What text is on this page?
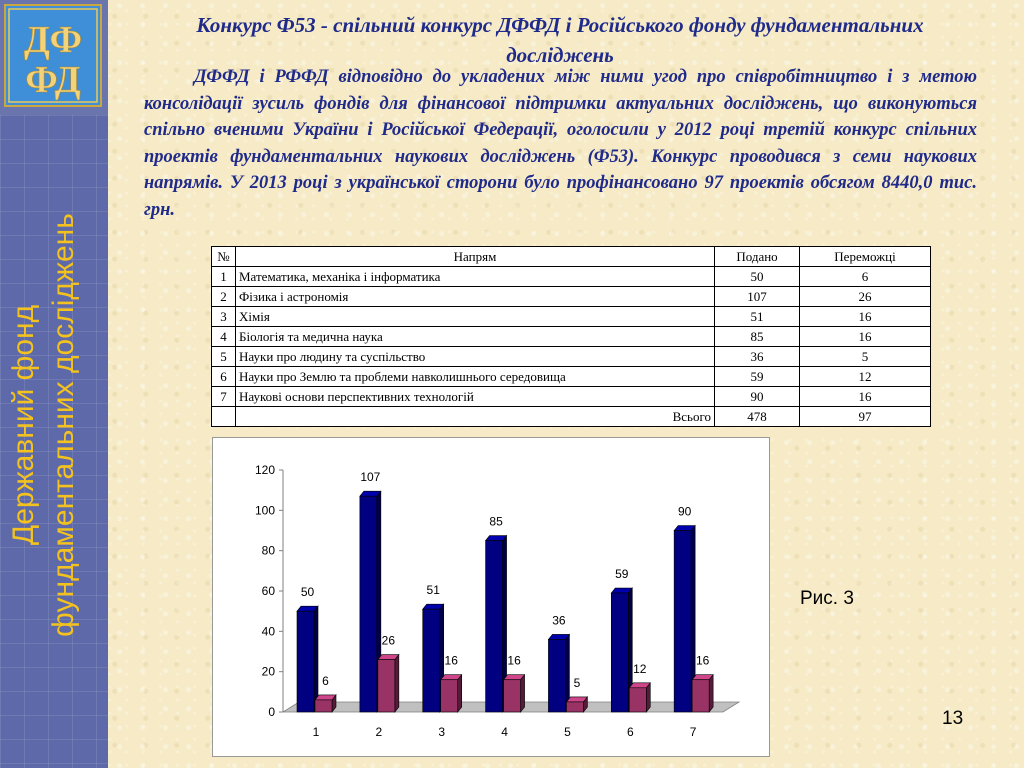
ДФ
ФД
Державний фонд фундаментальних досліджень
Конкурс Ф53 - спільний конкурс ДФФД і Російського фонду фундаментальних досліджень
ДФФД і РФФД відповідно до укладених між ними угод про співробітництво і з метою консолідації зусиль фондів для фінансової підтримки актуальних досліджень, що виконуються спільно вченими України і Російської Федерації, оголосили у 2012 році третій конкурс спільних проектів фундаментальних наукових досліджень (Ф53). Конкурс проводився з семи наукових напрямів. У 2013 році з української сторони було профінансовано 97 проектів обсягом 8440,0 тис. грн.
№	Напрям	Подано	Переможці
1	Математика, механіка і інформатика	50	6
2	Фізика і астрономія	107	26
3	Хімія	51	16
4	Біологія та медична наука	85	16
5	Науки про людину та суспільство	36	5
6	Науки про Землю та проблеми навколишнього середовища	59	12
7	Наукові основи перспективних технологій	90	16
	Всього	478	97
0
20
40
60
80
100
120
50
6
1
107
26
2
51
16
3
85
16
4
36
5
5
59
12
6
90
16
7
Рис. 3
13
